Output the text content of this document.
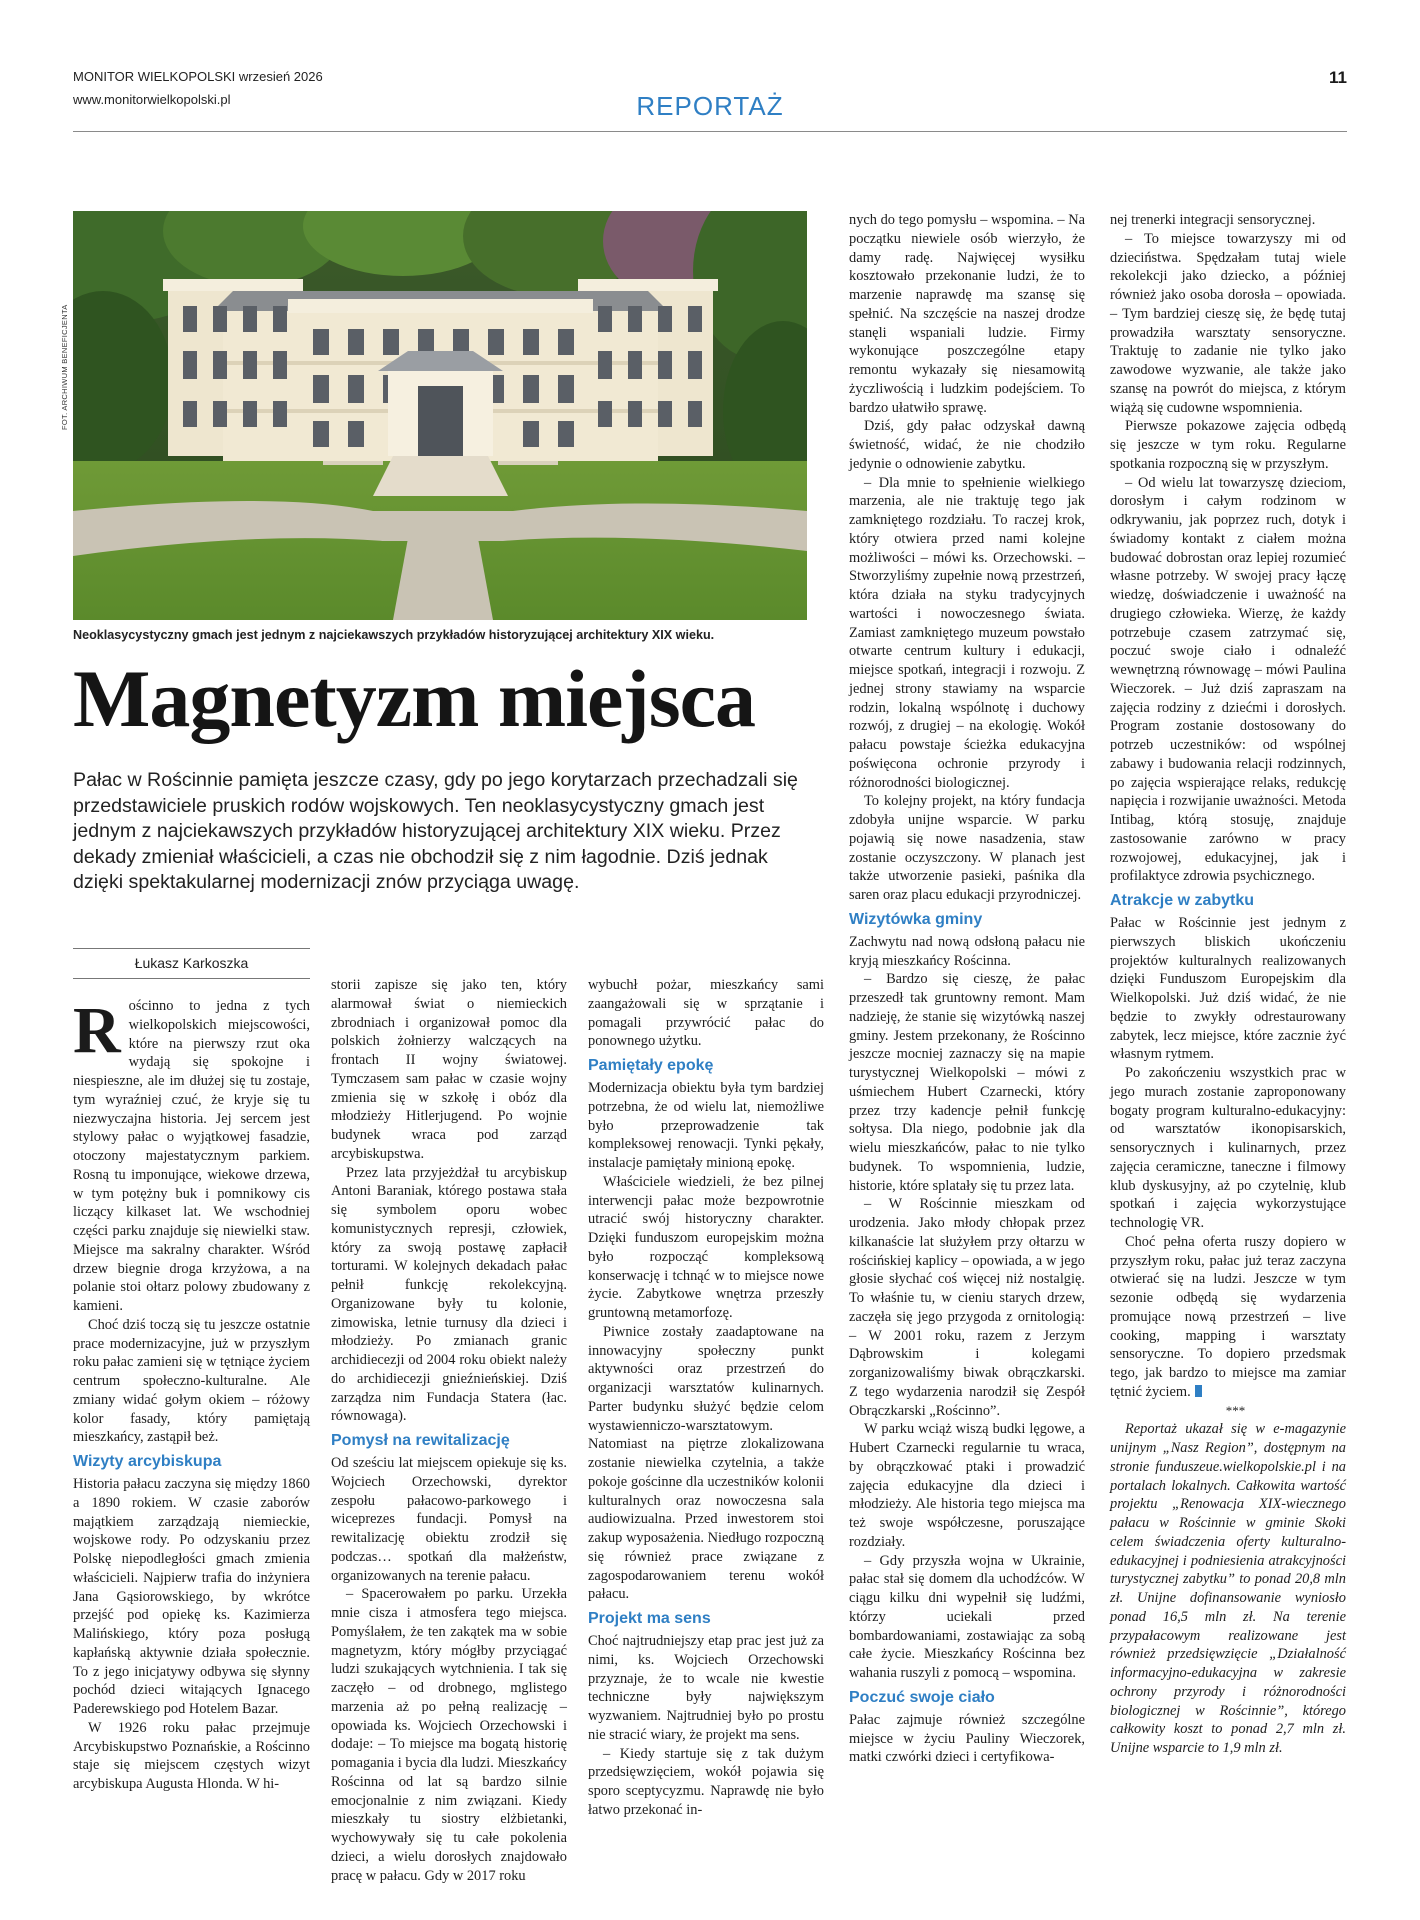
MONITOR WIELKOPOLSKI wrzesień 2026
www.monitorwielkopolski.pl
11
REPORTAŻ
FOT. ARCHIWUM BENEFICJENTA
Neoklasycystyczny gmach jest jednym z najciekawszych przykładów historyzującej architektury XIX wieku.
Magnetyzm miejsca
Pałac w Rościnnie pamięta jeszcze czasy, gdy po jego korytarzach przechadzali się przedstawiciele pruskich rodów wojskowych. Ten neoklasycystyczny gmach jest jednym z najciekawszych przykładów historyzującej architektury XIX wieku. Przez dekady zmieniał właścicieli, a czas nie obchodził się z nim łagodnie. Dziś jednak dzięki spektakularnej modernizacji znów przyciąga uwagę.
Łukasz Karkoszka

Rościnno to jedna z tych wielkopolskich miejscowości, które na pierwszy rzut oka wydają się spokojne i niespieszne, ale im dłużej się tu zostaje, tym wyraźniej czuć, że kryje się tu niezwyczajna historia. Jej sercem jest stylowy pałac o wyjątkowej fasadzie, otoczony majestatycznym parkiem. Rosną tu imponujące, wiekowe drzewa, w tym potężny buk i pomnikowy cis liczący kilkaset lat. We wschodniej części parku znajduje się niewielki staw. Miejsce ma sakralny charakter. Wśród drzew biegnie droga krzyżowa, a na polanie stoi ołtarz polowy zbudowany z kamieni.

Choć dziś toczą się tu jeszcze ostatnie prace modernizacyjne, już w przyszłym roku pałac zamieni się w tętniące życiem centrum społeczno-kulturalne. Ale zmiany widać gołym okiem – różowy kolor fasady, który pamiętają mieszkańcy, zastąpił beż.

Wizyty arcybiskupa

Historia pałacu zaczyna się między 1860 a 1890 rokiem. W czasie zaborów majątkiem zarządzają niemieckie, wojskowe rody. Po odzyskaniu przez Polskę niepodległości gmach zmienia właścicieli. Najpierw trafia do inżyniera Jana Gąsiorowskiego, by wkrótce przejść pod opiekę ks. Kazimierza Malińskiego, który poza posługą kapłańską aktywnie działa społecznie. To z jego inicjatywy odbywa się słynny pochód dzieci witających Ignacego Paderewskiego pod Hotelem Bazar.

W 1926 roku pałac przejmuje Arcybiskupstwo Poznańskie, a Rościnno staje się miejscem częstych wizyt arcybiskupa Augusta Hlonda. W hi-

storii zapisze się jako ten, który alarmował świat o niemieckich zbrodniach i organizował pomoc dla polskich żołnierzy walczących na frontach II wojny światowej. Tymczasem sam pałac w czasie wojny zmienia się w szkołę i obóz dla młodzieży Hitlerjugend. Po wojnie budynek wraca pod zarząd arcybiskupstwa.

Przez lata przyjeżdżał tu arcybiskup Antoni Baraniak, którego postawa stała się symbolem oporu wobec komunistycznych represji, człowiek, który za swoją postawę zapłacił torturami. W kolejnych dekadach pałac pełnił funkcję rekolekcyjną. Organizowane były tu kolonie, zimowiska, letnie turnusy dla dzieci i młodzieży. Po zmianach granic archidiecezji od 2004 roku obiekt należy do archidiecezji gnieźnieńskiej. Dziś zarządza nim Fundacja Statera (łac. równowaga).

Pomysł na rewitalizację

Od sześciu lat miejscem opiekuje się ks. Wojciech Orzechowski, dyrektor zespołu pałacowo-parkowego i wiceprezes fundacji. Pomysł na rewitalizację obiektu zrodził się podczas… spotkań dla małżeństw, organizowanych na terenie pałacu.

– Spacerowałem po parku. Urzekła mnie cisza i atmosfera tego miejsca. Pomyślałem, że ten zakątek ma w sobie magnetyzm, który mógłby przyciągać ludzi szukających wytchnienia. I tak się zaczęło – od drobnego, mglistego marzenia aż po pełną realizację – opowiada ks. Wojciech Orzechowski i dodaje: – To miejsce ma bogatą historię pomagania i bycia dla ludzi. Mieszkańcy Rościnna od lat są bardzo silnie emocjonalnie z nim związani. Kiedy mieszkały tu siostry elżbietanki, wychowywały się tu całe pokolenia dzieci, a wielu dorosłych znajdowało pracę w pałacu. Gdy w 2017 roku

wybuchł pożar, mieszkańcy sami zaangażowali się w sprzątanie i pomagali przywrócić pałac do ponownego użytku.

Pamiętały epokę

Modernizacja obiektu była tym bardziej potrzebna, że od wielu lat, niemożliwe było przeprowadzenie tak kompleksowej renowacji. Tynki pękały, instalacje pamiętały minioną epokę.

Właściciele wiedzieli, że bez pilnej interwencji pałac może bezpowrotnie utracić swój historyczny charakter. Dzięki funduszom europejskim można było rozpocząć kompleksową konserwację i tchnąć w to miejsce nowe życie. Zabytkowe wnętrza przeszły gruntowną metamorfozę.

Piwnice zostały zaadaptowane na innowacyjny społeczny punkt aktywności oraz przestrzeń do organizacji warsztatów kulinarnych. Parter budynku służyć będzie celom wystawienniczo-warsztatowym. Natomiast na piętrze zlokalizowana zostanie niewielka czytelnia, a także pokoje gościnne dla uczestników kolonii kulturalnych oraz nowoczesna sala audiowizualna. Przed inwestorem stoi zakup wyposażenia. Niedługo rozpoczną się również prace związane z zagospodarowaniem terenu wokół pałacu.

Projekt ma sens

Choć najtrudniejszy etap prac jest już za nimi, ks. Wojciech Orzechowski przyznaje, że to wcale nie kwestie techniczne były największym wyzwaniem. Najtrudniej było po prostu nie stracić wiary, że projekt ma sens.

– Kiedy startuje się z tak dużym przedsięwzięciem, wokół pojawia się sporo sceptycyzmu. Naprawdę nie było łatwo przekonać in-

nych do tego pomysłu – wspomina. – Na początku niewiele osób wierzyło, że damy radę. Najwięcej wysiłku kosztowało przekonanie ludzi, że to marzenie naprawdę ma szansę się spełnić. Na szczęście na naszej drodze stanęli wspaniali ludzie. Firmy wykonujące poszczególne etapy remontu wykazały się niesamowitą życzliwością i ludzkim podejściem. To bardzo ułatwiło sprawę.

Dziś, gdy pałac odzyskał dawną świetność, widać, że nie chodziło jedynie o odnowienie zabytku.

– Dla mnie to spełnienie wielkiego marzenia, ale nie traktuję tego jak zamkniętego rozdziału. To raczej krok, który otwiera przed nami kolejne możliwości – mówi ks. Orzechowski. – Stworzyliśmy zupełnie nową przestrzeń, która działa na styku tradycyjnych wartości i nowoczesnego świata. Zamiast zamkniętego muzeum powstało otwarte centrum kultury i edukacji, miejsce spotkań, integracji i rozwoju. Z jednej strony stawiamy na wsparcie rodzin, lokalną wspólnotę i duchowy rozwój, z drugiej – na ekologię. Wokół pałacu powstaje ścieżka edukacyjna poświęcona ochronie przyrody i różnorodności biologicznej.

To kolejny projekt, na który fundacja zdobyła unijne wsparcie. W parku pojawią się nowe nasadzenia, staw zostanie oczyszczony. W planach jest także utworzenie pasieki, paśnika dla saren oraz placu edukacji przyrodniczej.

Wizytówka gminy

Zachwytu nad nową odsłoną pałacu nie kryją mieszkańcy Rościnna.

– Bardzo się cieszę, że pałac przeszedł tak gruntowny remont. Mam nadzieję, że stanie się wizytówką naszej gminy. Jestem przekonany, że Rościnno jeszcze mocniej zaznaczy się na mapie turystycznej Wielkopolski – mówi z uśmiechem Hubert Czarnecki, który przez trzy kadencje pełnił funkcję sołtysa. Dla niego, podobnie jak dla wielu mieszkańców, pałac to nie tylko budynek. To wspomnienia, ludzie, historie, które splatały się tu przez lata.

– W Rościnnie mieszkam od urodzenia. Jako młody chłopak przez kilkanaście lat służyłem przy ołtarzu w rościńskiej kaplicy – opowiada, a w jego głosie słychać coś więcej niż nostalgię. To właśnie tu, w cieniu starych drzew, zaczęła się jego przygoda z ornitologią: – W 2001 roku, razem z Jerzym Dąbrowskim i kolegami zorganizowaliśmy biwak obrączkarski. Z tego wydarzenia narodził się Zespół Obrączkarski „Rościnno”.

W parku wciąż wiszą budki lęgowe, a Hubert Czarnecki regularnie tu wraca, by obrączkować ptaki i prowadzić zajęcia edukacyjne dla dzieci i młodzieży. Ale historia tego miejsca ma też swoje współczesne, poruszające rozdziały.

– Gdy przyszła wojna w Ukrainie, pałac stał się domem dla uchodźców. W ciągu kilku dni wypełnił się ludźmi, którzy uciekali przed bombardowaniami, zostawiając za sobą całe życie. Mieszkańcy Rościnna bez wahania ruszyli z pomocą – wspomina.

Poczuć swoje ciało

Pałac zajmuje również szczególne miejsce w życiu Pauliny Wieczorek, matki czwórki dzieci i certyfikowa-

nej trenerki integracji sensorycznej.

– To miejsce towarzyszy mi od dzieciństwa. Spędzałam tutaj wiele rekolekcji jako dziecko, a później również jako osoba dorosła – opowiada. – Tym bardziej cieszę się, że będę tutaj prowadziła warsztaty sensoryczne. Traktuję to zadanie nie tylko jako zawodowe wyzwanie, ale także jako szansę na powrót do miejsca, z którym wiążą się cudowne wspomnienia.

Pierwsze pokazowe zajęcia odbędą się jeszcze w tym roku. Regularne spotkania rozpoczną się w przyszłym.

– Od wielu lat towarzyszę dzieciom, dorosłym i całym rodzinom w odkrywaniu, jak poprzez ruch, dotyk i świadomy kontakt z ciałem można budować dobrostan oraz lepiej rozumieć własne potrzeby. W swojej pracy łączę wiedzę, doświadczenie i uważność na drugiego człowieka. Wierzę, że każdy potrzebuje czasem zatrzymać się, poczuć swoje ciało i odnaleźć wewnętrzną równowagę – mówi Paulina Wieczorek. – Już dziś zapraszam na zajęcia rodziny z dziećmi i dorosłych. Program zostanie dostosowany do potrzeb uczestników: od wspólnej zabawy i budowania relacji rodzinnych, po zajęcia wspierające relaks, redukcję napięcia i rozwijanie uważności. Metoda Intibag, którą stosuję, znajduje zastosowanie zarówno w pracy rozwojowej, edukacyjnej, jak i profilaktyce zdrowia psychicznego.

Atrakcje w zabytku

Pałac w Rościnnie jest jednym z pierwszych bliskich ukończeniu projektów kulturalnych realizowanych dzięki Funduszom Europejskim dla Wielkopolski. Już dziś widać, że nie będzie to zwykły odrestaurowany zabytek, lecz miejsce, które zacznie żyć własnym rytmem.

Po zakończeniu wszystkich prac w jego murach zostanie zaproponowany bogaty program kulturalno-edukacyjny: od warsztatów ikonopisarskich, sensorycznych i kulinarnych, przez zajęcia ceramiczne, taneczne i filmowy klub dyskusyjny, aż po czytelnię, klub spotkań i zajęcia wykorzystujące technologię VR.

Choć pełna oferta ruszy dopiero w przyszłym roku, pałac już teraz zaczyna otwierać się na ludzi. Jeszcze w tym sezonie odbędą się wydarzenia promujące nową przestrzeń – live cooking, mapping i warsztaty sensoryczne. To dopiero przedsmak tego, jak bardzo to miejsce ma zamiar tętnić życiem.

***

Reportaż ukazał się w e-magazynie unijnym „Nasz Region”, dostępnym na stronie funduszeue.wielkopolskie.pl i na portalach lokalnych. Całkowita wartość projektu „Renowacja XIX-wiecznego pałacu w Rościnnie w gminie Skoki celem świadczenia oferty kulturalno-edukacyjnej i podniesienia atrakcyjności turystycznej zabytku” to ponad 20,8 mln zł. Unijne dofinansowanie wyniosło ponad 16,5 mln zł. Na terenie przypałacowym realizowane jest również przedsięwzięcie „Działalność informacyjno-edukacyjna w zakresie ochrony przyrody i różnorodności biologicznej w Rościnnie”, którego całkowity koszt to ponad 2,7 mln zł. Unijne wsparcie to 1,9 mln zł.
